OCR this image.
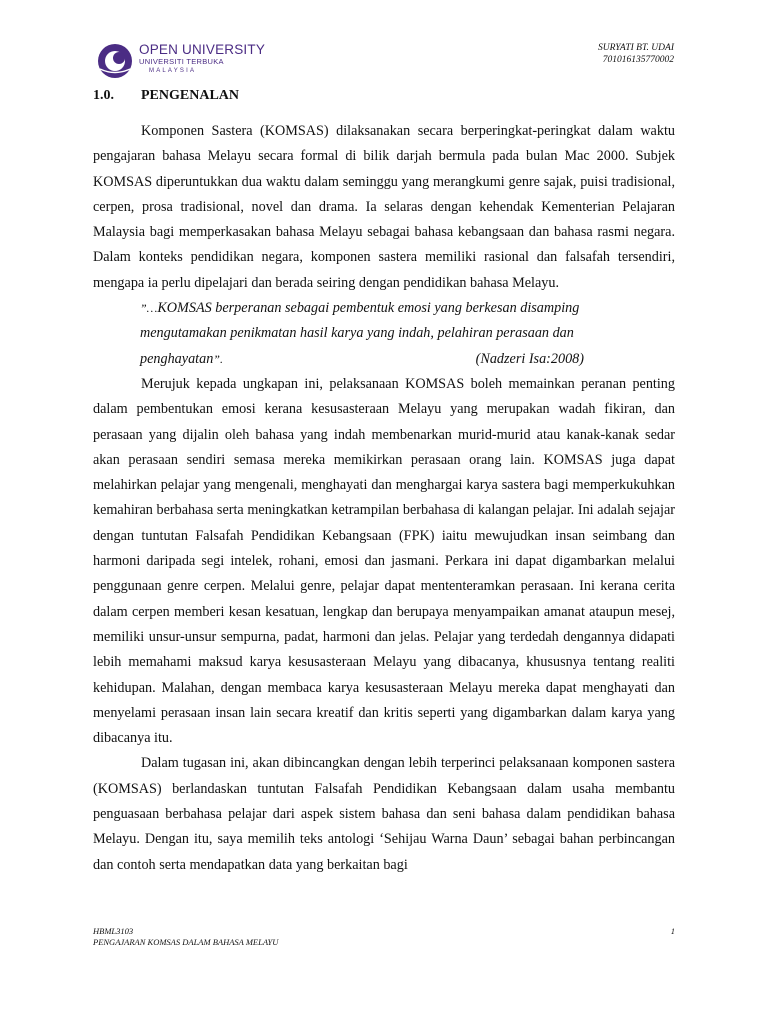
OPEN UNIVERSITY
UNIVERSITI TERBUKA
MALAYSIA
SURYATI BT. UDAI
701016135770002
1.0. PENGENALAN

Komponen Sastera (KOMSAS) dilaksanakan secara berperingkat-peringkat dalam waktu pengajaran bahasa Melayu secara formal di bilik darjah bermula pada bulan Mac 2000. Subjek KOMSAS diperuntukkan dua waktu dalam seminggu yang merangkumi genre sajak, puisi tradisional, cerpen, prosa tradisional, novel dan drama. Ia selaras dengan kehendak Kementerian Pelajaran Malaysia bagi memperkasakan bahasa Melayu sebagai bahasa kebangsaan dan bahasa rasmi negara. Dalam konteks pendidikan negara, komponen sastera memiliki rasional dan falsafah tersendiri, mengapa ia perlu dipelajari dan berada seiring dengan pendidikan bahasa Melayu.

”…KOMSAS berperanan sebagai pembentuk emosi yang berkesan disamping
mengutamakan penikmatan hasil karya yang indah, pelahiran perasaan dan
penghayatan”.	(Nadzeri Isa:2008)

Merujuk kepada ungkapan ini, pelaksanaan KOMSAS boleh memainkan peranan penting dalam pembentukan emosi kerana kesusasteraan Melayu yang merupakan wadah fikiran, dan perasaan yang dijalin oleh bahasa yang indah membenarkan murid-murid atau kanak-kanak sedar akan perasaan sendiri semasa mereka memikirkan perasaan orang lain. KOMSAS juga dapat melahirkan pelajar yang mengenali, menghayati dan menghargai karya sastera bagi memperkukuhkan kemahiran berbahasa serta meningkatkan ketrampilan berbahasa di kalangan pelajar. Ini adalah sejajar dengan tuntutan Falsafah Pendidikan Kebangsaan (FPK) iaitu mewujudkan insan seimbang dan harmoni daripada segi intelek, rohani, emosi dan jasmani. Perkara ini dapat digambarkan melalui penggunaan genre cerpen. Melalui genre, pelajar dapat mententeramkan perasaan. Ini kerana cerita dalam cerpen memberi kesan kesatuan, lengkap dan berupaya menyampaikan amanat ataupun mesej, memiliki unsur-unsur sempurna, padat, harmoni dan jelas. Pelajar yang terdedah dengannya didapati lebih memahami maksud karya kesusasteraan Melayu yang dibacanya, khususnya tentang realiti kehidupan. Malahan, dengan membaca karya kesusasteraan Melayu mereka dapat menghayati dan menyelami perasaan insan lain secara kreatif dan kritis seperti yang digambarkan dalam karya yang dibacanya itu.

Dalam tugasan ini, akan dibincangkan dengan lebih terperinci pelaksanaan komponen sastera (KOMSAS) berlandaskan tuntutan Falsafah Pendidikan Kebangsaan dalam usaha membantu penguasaan berbahasa pelajar dari aspek sistem bahasa dan seni bahasa dalam pendidikan bahasa Melayu. Dengan itu, saya memilih teks antologi ‘Sehijau Warna Daun’ sebagai bahan perbincangan dan contoh serta mendapatkan data yang berkaitan bagi

HBML3103	1
PENGAJARAN KOMSAS DALAM BAHASA MELAYU
